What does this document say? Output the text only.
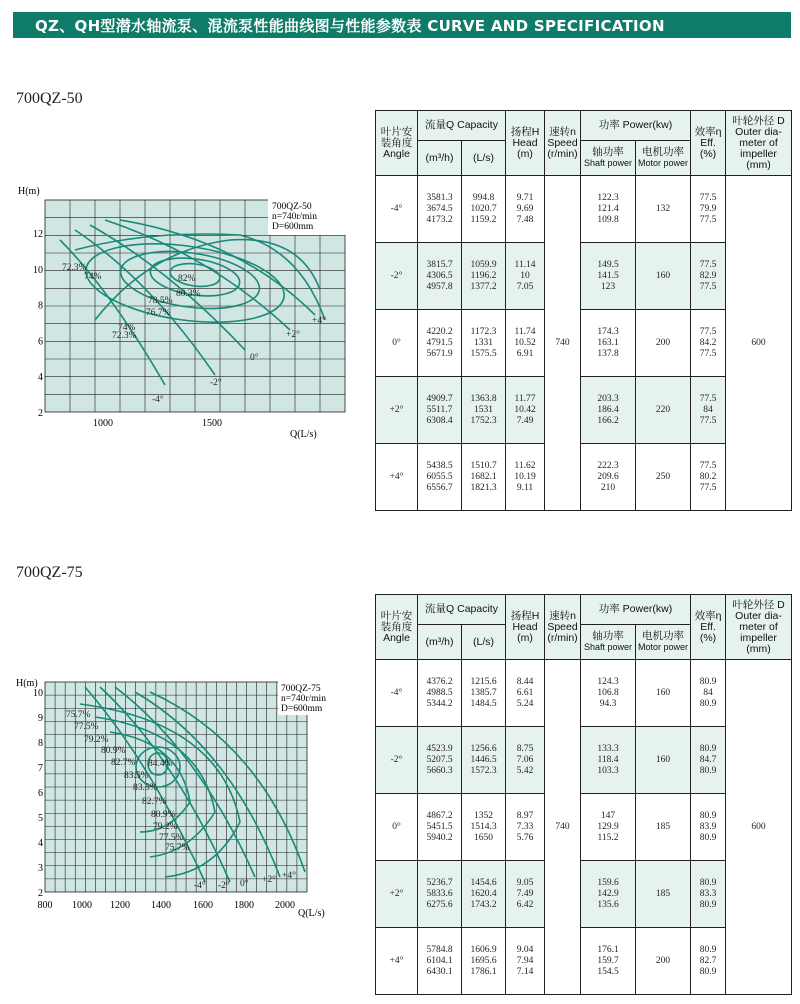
QZ、QH型潜水轴流泵、混流泵性能曲线图与性能参数表 CURVE AND SPECIFICATION
700QZ-50
H(m)
Q(L/s)
2
4
6
8
10
12
1000	1500
700QZ-50
n=740r/min
D=600mm
72.3%
74%	82%
80.3%
78.5%
76.7%
74%
72.3%
-4°
-2°
0°
+2°
+4°
叶片安
装角度
Angle	流量Q Capacity		扬程H
Head
(m)	速转n
Speed
(r/min)	功率 Power(kw)		效率η
Eff.
(%)	叶轮外径 D
Outer dia-
meter of
impeller
(mm)
	(m³/h)	(L/s)			轴功率
Shaft power	电机功率
Motor power		
-4°	3581.3
3674.5
4173.2	994.8
1020.7
1159.2	9.71
9.69
7.48	740	122.3
121.4
109.8	132	77.5
79.9
77.5	600
-2°	3815.7
4306.5
4957.8	1059.9
1196.2
1377.2	11.14
10
7.05		149.5
141.5
123	160	77.5
82.9
77.5	

0°	4220.2
4791.5
5671.9	1172.3
1331
1575.5	11.74
10.52
6.91		174.3
163.1
137.8	200	77.5
84.2
77.5	

+2°	4909.7
5511.7
6308.4	1363.8
1531
1752.3	11.77
10.42
7.49		203.3
186.4
166.2	220	77.5
84
77.5	

+4°	5438.5
6055.5
6556.7	1510.7
1682.1
1821.3	11.62
10.19
9.11		222.3
209.6
210	250	77.5
80.2
77.5	
700QZ-75
H(m)
Q(L/s)
2
3
4
5
6
7
8
9
10
800 1000 1200 1400 1600 1800 2000
700QZ-75
n=740r/min
D=600mm
75.7%
77.5%
79.2%
80.9%
82.7% 84.4%
83.5%
83.5%
82.7%
80.9%
79.2%
77.5%
75.7%
-4° -2° 0° +2° +4°
叶片安
装角度
Angle	流量Q Capacity		扬程H
Head
(m)	速转n
Speed
(r/min)	功率 Power(kw)		效率η
Eff.
(%)	叶轮外径 D
Outer dia-
meter of
impeller
(mm)
	(m³/h)	(L/s)			轴功率
Shaft power	电机功率
Motor power		
-4°	4376.2
4988.5
5344.2	1215.6
1385.7
1484.5	8.44
6.61
5.24	740	124.3
106.8
94.3	160	80.9
84
80.9	600
-2°	4523.9
5207.5
5660.3	1256.6
1446.5
1572.3	8.75
7.06
5.42		133.3
118.4
103.3	160	80.9
84.7
80.9	

0°	4867.2
5451.5
5940.2	1352
1514.3
1650	8.97
7.33
5.76		147
129.9
115.2	185	80.9
83.9
80.9	

+2°	5236.7
5833.6
6275.6	1454.6
1620.4
1743.2	9.05
7.49
6.42		159.6
142.9
135.6	185	80.9
83.3
80.9	

+4°	5784.8
6104.1
6430.1	1606.9
1695.6
1786.1	9.04
7.94
7.14		176.1
159.7
154.5	200	80.9
82.7
80.9	
